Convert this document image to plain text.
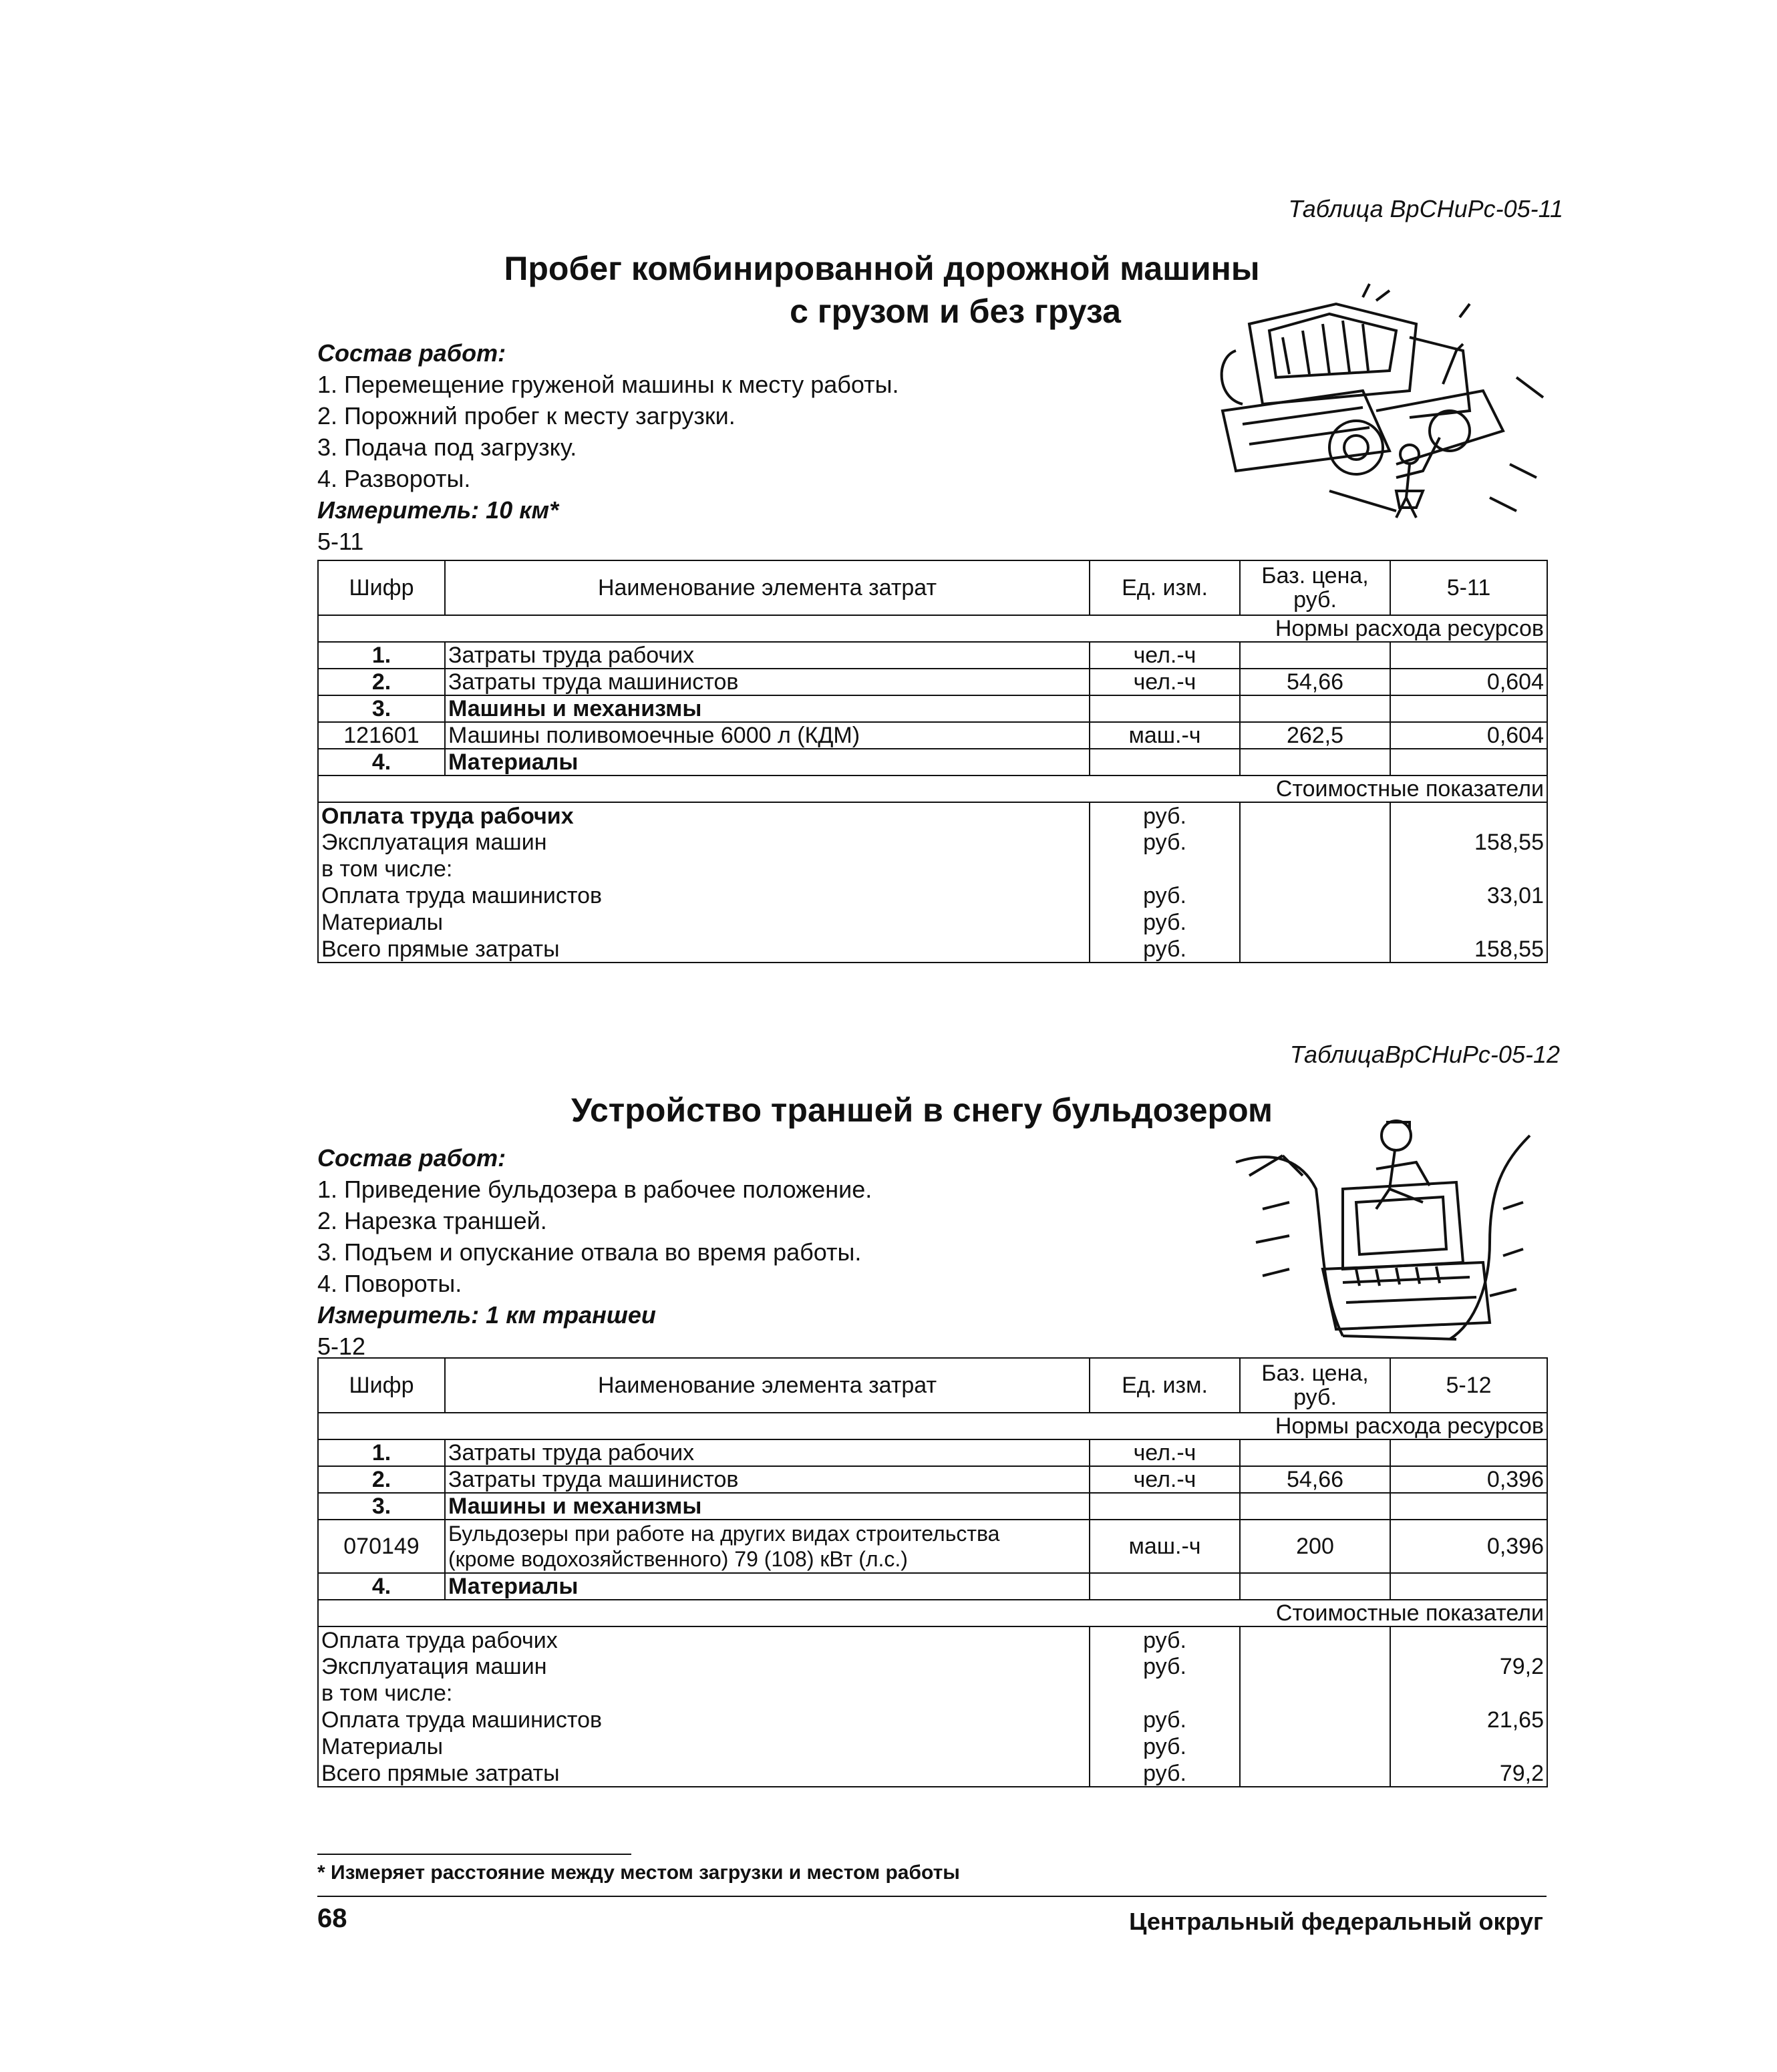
Таблица ВрСНиРс-05-11
Пробег комбинированной дорожной машины
с грузом и без груза
Состав работ:
1. Перемещение груженой машины к месту работы.
2. Порожний пробег к месту загрузки.
3. Подача под загрузку.
4. Развороты.
Измеритель: 10 км*
5-11
Шифр	Наименование элемента затрат	Ед. изм.	Баз. цена, руб.	5-11
Нормы расхода ресурсов				
1.	Затраты труда рабочих	чел.-ч		
2.	Затраты труда машинистов	чел.-ч	54,66	0,604
3.	Машины и механизмы			
121601	Машины поливомоечные 6000 л (КДМ)	маш.-ч	262,5	0,604
4.	Материалы			
Стоимостные показатели				
Оплата труда рабочих		руб.		
Эксплуатация машин		руб.		158,55
в том числе:				
Оплата труда машинистов		руб.		33,01
Материалы		руб.		
Всего прямые затраты		руб.		158,55
ТаблицаВрСНиРс-05-12
Устройство траншей в снегу бульдозером
Состав работ:
1. Приведение бульдозера в рабочее положение.
2. Нарезка траншей.
3. Подъем и опускание отвала во время работы.
4. Повороты.
Измеритель: 1 км траншеи
5-12
Шифр	Наименование элемента затрат	Ед. изм.	Баз. цена, руб.	5-12
Нормы расхода ресурсов				
1.	Затраты труда рабочих	чел.-ч		
2.	Затраты труда машинистов	чел.-ч	54,66	0,396
3.	Машины и механизмы			
070149	Бульдозеры при работе на других видах строительства
(кроме водохозяйственного) 79 (108) кВт (л.с.)	маш.-ч	200	0,396
4.	Материалы			
Стоимостные показатели				
Оплата труда рабочих		руб.		
Эксплуатация машин		руб.		79,2
в том числе:				
Оплата труда машинистов		руб.		21,65
Материалы		руб.		
Всего прямые затраты		руб.		79,2
* Измеряет расстояние между местом загрузки и местом работы
68	Центральный федеральный округ
